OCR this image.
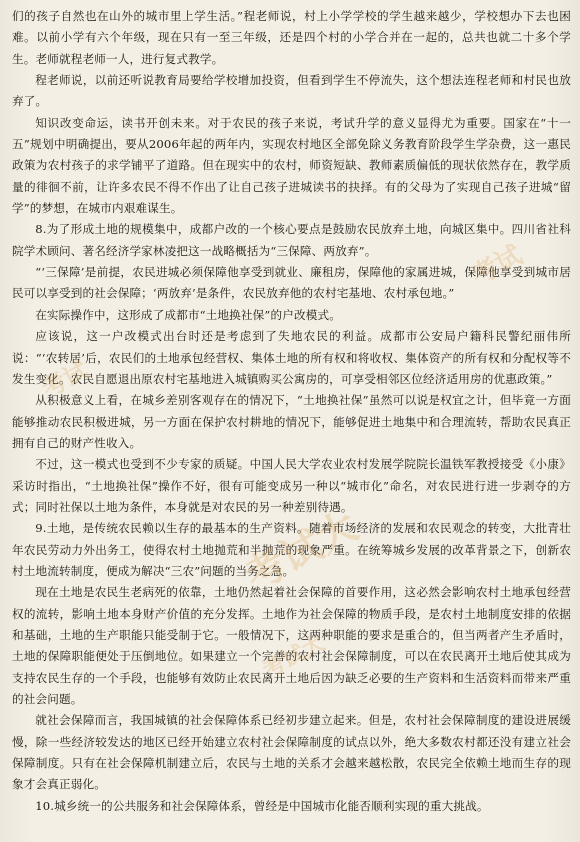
们的孩子自然也在山外的城市里上学生活。”程老师说，村上小学学校的学生越来越少，学校想办下去也困难。以前小学有六个年级，现在只有一至三年级，还是四个村的小学合并在一起的，总共也就二十多个学生。老师就程老师一人，进行复式教学。

程老师说，以前还听说教育局要给学校增加投资，但看到学生不停流失，这个想法连程老师和村民也放弃了。

知识改变命运，读书开创未来。对于农民的孩子来说，考试升学的意义显得尤为重要。国家在“十一五”规划中明确提出，要从2006年起的两年内，实现农村地区全部免除义务教育阶段学生学杂费，这一惠民政策为农村孩子的求学铺平了道路。但在现实中的农村，师资短缺、教师素质偏低的现状依然存在，教学质量的徘徊不前，让许多农民不得不作出了让自己孩子进城读书的抉择。有的父母为了实现自己孩子进城“留学”的梦想，在城市内艰难谋生。

8.为了形成土地的规模集中，成都户改的一个核心要点是鼓励农民放弃土地，向城区集中。四川省社科院学术顾问、著名经济学家林凌把这一战略概括为“三保障、两放弃”。

“‘三保障’是前提，农民进城必须保障他享受到就业、廉租房，保障他的家属进城，保障他享受到城市居民可以享受到的社会保障；‘两放弃’是条件，农民放弃他的农村宅基地、农村承包地。”

在实际操作中，这形成了成都市“土地换社保”的户改模式。

应该说，这一户改模式出台时还是考虑到了失地农民的利益。成都市公安局户籍科民警纪丽伟所说：“‘农转居’后，农民们的土地承包经营权、集体土地的所有权和将收权、集体资产的所有权和分配权等不发生变化。农民自愿退出原农村宅基地进入城镇购买公寓房的，可享受相邻区位经济适用房的优惠政策。”

从积极意义上看，在城乡差别客观存在的情况下，“土地换社保”虽然可以说是权宜之计，但毕竟一方面能够推动农民积极进城，另一方面在保护农村耕地的情况下，能够促进土地集中和合理流转，帮助农民真正拥有自己的财产性收入。

不过，这一模式也受到不少专家的质疑。中国人民大学农业农村发展学院院长温铁军教授接受《小康》采访时指出，“土地换社保”操作不好，很有可能变成另一种以“城市化”命名，对农民进行进一步剥夺的方式；同时社保以土地为条件，本身就是对农民的另一种差别待遇。

9.土地，是传统农民赖以生存的最基本的生产资料。随着市场经济的发展和农民观念的转变，大批青壮年农民劳动力外出务工，使得农村土地抛荒和半抛荒的现象严重。在统筹城乡发展的改革背景之下，创新农村土地流转制度，便成为解决“三农”问题的当务之急。

现在土地是农民生老病死的依靠，土地仍然起着社会保障的首要作用，这必然会影响农村土地承包经营权的流转，影响土地本身财产价值的充分发挥。土地作为社会保障的物质手段，是农村土地制度安排的依据和基础，土地的生产职能只能受制于它。一般情况下，这两种职能的要求是重合的，但当两者产生矛盾时，土地的保障职能便处于压倒地位。如果建立一个完善的农村社会保障制度，可以在农民离开土地后使其成为支持农民生存的一个手段，也能够有效防止农民离开土地后因为缺乏必要的生产资料和生活资料而带来严重的社会问题。

就社会保障而言，我国城镇的社会保障体系已经初步建立起来。但是，农村社会保障制度的建设进展缓慢，除一些经济较发达的地区已经开始建立农村社会保障制度的试点以外，绝大多数农村都还没有建立社会保障制度。只有在社会保障机制建立后，农民与土地的关系才会越来越松散，农民完全依赖土地而生存的现象才会真正弱化。

10.城乡统一的公共服务和社会保障体系，曾经是中国城市化能否顺利实现的重大挑战。

考试大
考试
考试大
考试
